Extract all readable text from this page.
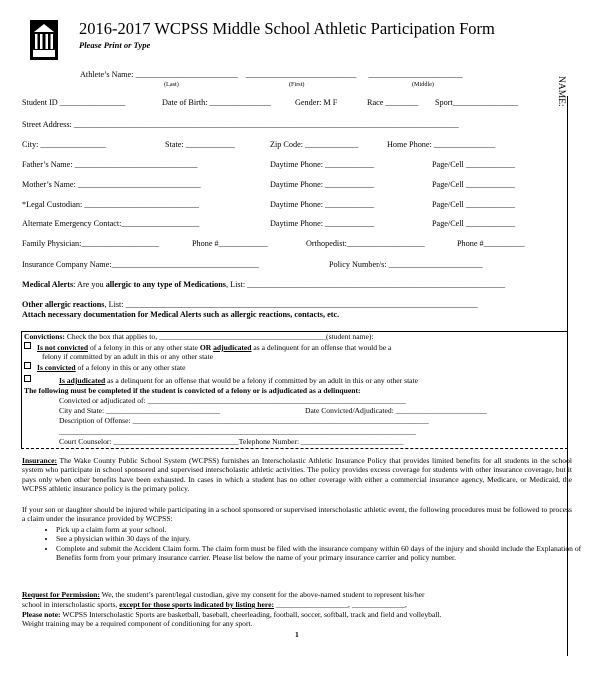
2016-2017 WCPSS Middle School Athletic Participation Form
Please Print or Type
NAME:
Athlete’s Name: _________________________ ___________________________ _______________________
(Last)	(First)	(Middle)
Student ID ________________	Date of Birth: _______________	Gender: M F	Race ________ Sport________________
Street Address: ______________________________________________________________________________________________
City: ________________	State: ____________	Zip Code: _____________	Home Phone: _______________
Father’s Name: ______________________________	Daytime Phone: ____________	Page/Cell ____________
Mother’s Name: ______________________________	Daytime Phone: ____________	Page/Cell ____________
*Legal Custodian: ____________________________	Daytime Phone: ____________	Page/Cell ____________
Alternate Emergency Contact:___________________	Daytime Phone: ____________	Page/Cell ____________
Family Physician:___________________	Phone #____________	Orthopedist:___________________	Phone #__________
Insurance Company Name:____________________________________	Policy Number/s: _______________________
Medical Alerts: Are you allergic to any type of Medications, List: _______________________________________________________________
Other allergic reactions, List: ______________________________________________________________________________________
Attach necessary documentation for Medical Alerts such as allergic reactions, contacts, etc.
Convictions: Check the box that applies to, ____________________________________________(student name):
Is not convicted of a felony in this or any other state OR adjudicated as a delinquent for an offense that would be a
felony if committed by an adult in this or any other state
Is convicted of a felony in this or any other state
Is adjudicated as a delinquent for an offense that would be a felony if committed by an adult in this or any other state
The following must be completed if the student is convicted of a felony or is adjudicated as a delinquent:
Convicted or adjudicated of: ____________________________________________________________________
City and State: ______________________________	Date Convicted/Adjudicated: ________________________
Description of Offense: ______________________________________________________________________________
______________________________________________________________________________________________
Court Counselor: _________________________________Telephone Number: ___________________________
Insurance: The Wake County Public School System (WCPSS) furnishes an Interscholastic Athletic Insurance Policy that provides limited benefits for all students in the school system who participate in school sponsored and supervised interscholastic athletic activities. The policy provides excess coverage for students with other insurance coverage, but it pays only when other benefits have been exhausted. In cases in which a student has no other coverage with either a commercial insurance agency, Medicare, or Medicaid, the WCPSS athletic insurance policy is the primary policy.
If your son or daughter should be injured while participating in a school sponsored or supervised interscholastic athletic event, the following procedures must be followed to process a claim under the insurance provided by WCPSS:
• Pick up a claim form at your school.
• See a physician within 30 days of the injury.
• Complete and submit the Accident Claim form. The claim form must be filed with the insurance company within 60 days of the injury and should include the Explanation of Benefits form from your primary insurance carrier. Please list below the name of your primary insurance carrier and policy number.
Request for Permission: We, the student’s parent/legal custodian, give my consent for the above-named student to represent his/her
school in interscholastic sports, except for those sports indicated by listing here: ___________________, ______________,
Please note: WCPSS Interscholastic Sports are basketball, baseball, cheerleading, football, soccer, softball, track and field and volleyball.
Weight training may be a required component of conditioning for any sport.
1
